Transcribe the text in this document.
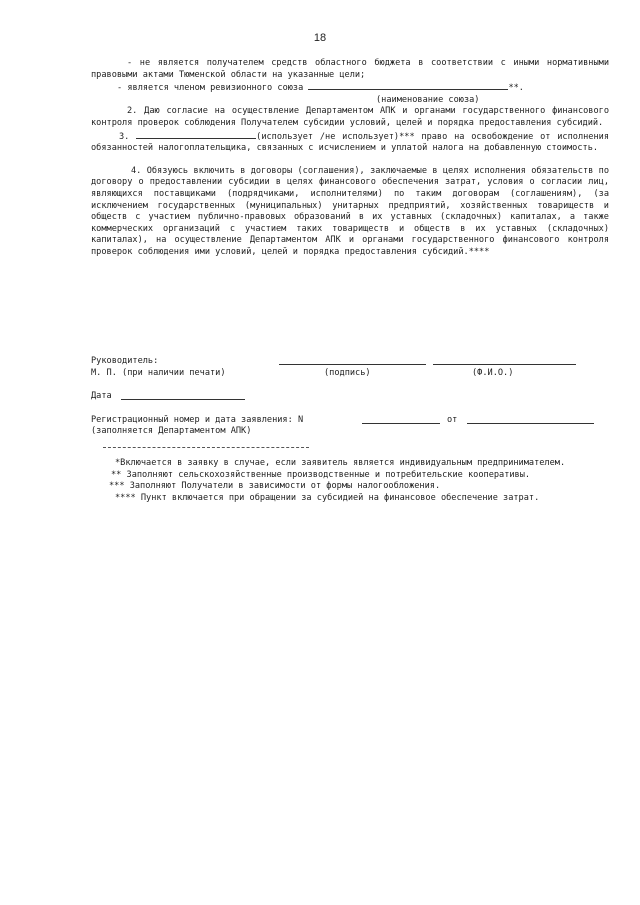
18

- не является получателем средств областного бюджета в соответствии с иными нормативными правовыми актами Тюменской области на указанные цели;

- является членом ревизионного союза	**.

(наименование союза)

2. Даю согласие на осуществление Департаментом АПК и органами государственного финансового контроля проверок соблюдения Получателем субсидии условий, целей и порядка предоставления субсидий.

3.	(использует /не использует)*** право на освобождение от исполнения обязанностей налогоплательщика, связанных с исчислением и уплатой налога на добавленную стоимость.

4. Обязуюсь включить в договоры (соглашения), заключаемые в целях исполнения обязательств по договору о предоставлении субсидии в целях финансового обеспечения затрат, условия о согласии лиц, являющихся поставщиками (подрядчиками, исполнителями) по таким договорам (соглашениям), (за исключением государственных (муниципальных) унитарных предприятий, хозяйственных товариществ и обществ с участием публично-правовых образований в их уставных (складочных) капиталах, а также коммерческих организаций с участием таких товариществ и обществ в их уставных (складочных) капиталах), на осуществление Департаментом АПК и органами государственного финансового контроля проверок соблюдения ими условий, целей и порядка предоставления субсидий.****

Руководитель:
М. П. (при наличии печати)	(подпись)	(Ф.И.О.)
Дата
Регистрационный номер и дата заявления: N	от
(заполняется Департаментом АПК)

*Включается в заявку в случае, если заявитель является индивидуальным предпринимателем.

** Заполняют сельскохозяйственные производственные и потребительские кооперативы.

*** Заполняют Получатели в зависимости от формы налогообложения.

**** Пункт включается при обращении за субсидией на финансовое обеспечение затрат.
